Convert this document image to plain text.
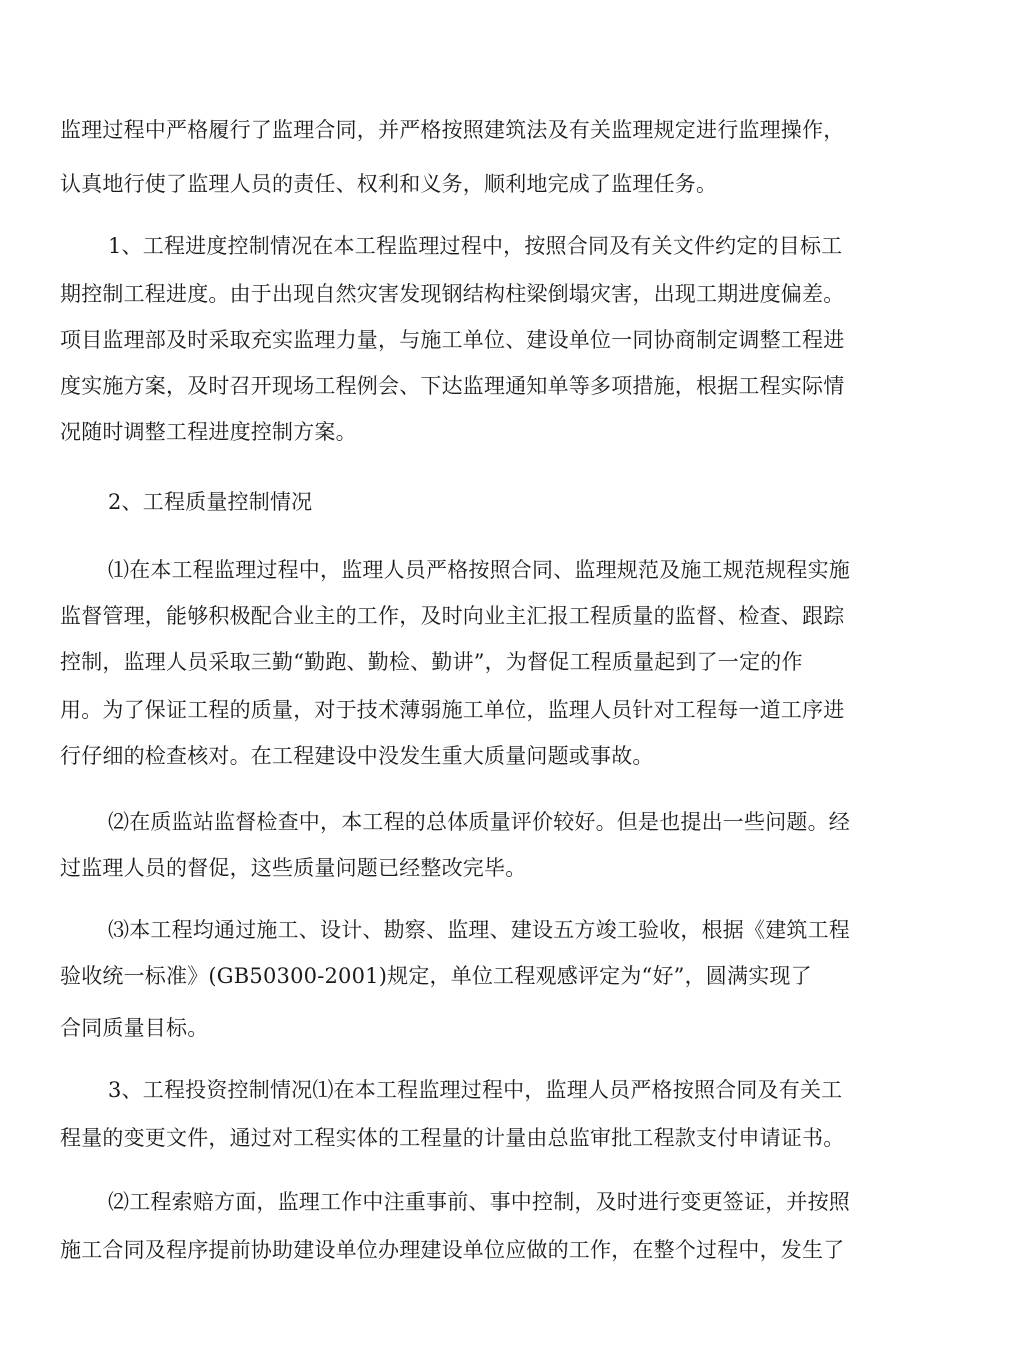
监理过程中严格履行了监理合同，并严格按照建筑法及有关监理规定进行监理操作，
认真地行使了监理人员的责任、权利和义务，顺利地完成了监理任务。
1、工程进度控制情况在本工程监理过程中，按照合同及有关文件约定的目标工
期控制工程进度。由于出现自然灾害发现钢结构柱梁倒塌灾害，出现工期进度偏差。
项目监理部及时采取充实监理力量，与施工单位、建设单位一同协商制定调整工程进
度实施方案，及时召开现场工程例会、下达监理通知单等多项措施，根据工程实际情
况随时调整工程进度控制方案。
2、工程质量控制情况
⑴在本工程监理过程中，监理人员严格按照合同、监理规范及施工规范规程实施
监督管理，能够积极配合业主的工作，及时向业主汇报工程质量的监督、检查、跟踪
控制，监理人员采取三勤“勤跑、勤检、勤讲”，为督促工程质量起到了一定的作
用。为了保证工程的质量，对于技术薄弱施工单位，监理人员针对工程每一道工序进
行仔细的检查核对。在工程建设中没发生重大质量问题或事故。
⑵在质监站监督检查中，本工程的总体质量评价较好。但是也提出一些问题。经
过监理人员的督促，这些质量问题已经整改完毕。
⑶本工程均通过施工、设计、勘察、监理、建设五方竣工验收，根据《建筑工程
验收统一标准》(GB50300-2001)规定，单位工程观感评定为“好”，圆满实现了
合同质量目标。
3、工程投资控制情况⑴在本工程监理过程中，监理人员严格按照合同及有关工
程量的变更文件，通过对工程实体的工程量的计量由总监审批工程款支付申请证书。
⑵工程索赔方面，监理工作中注重事前、事中控制，及时进行变更签证，并按照
施工合同及程序提前协助建设单位办理建设单位应做的工作，在整个过程中，发生了
